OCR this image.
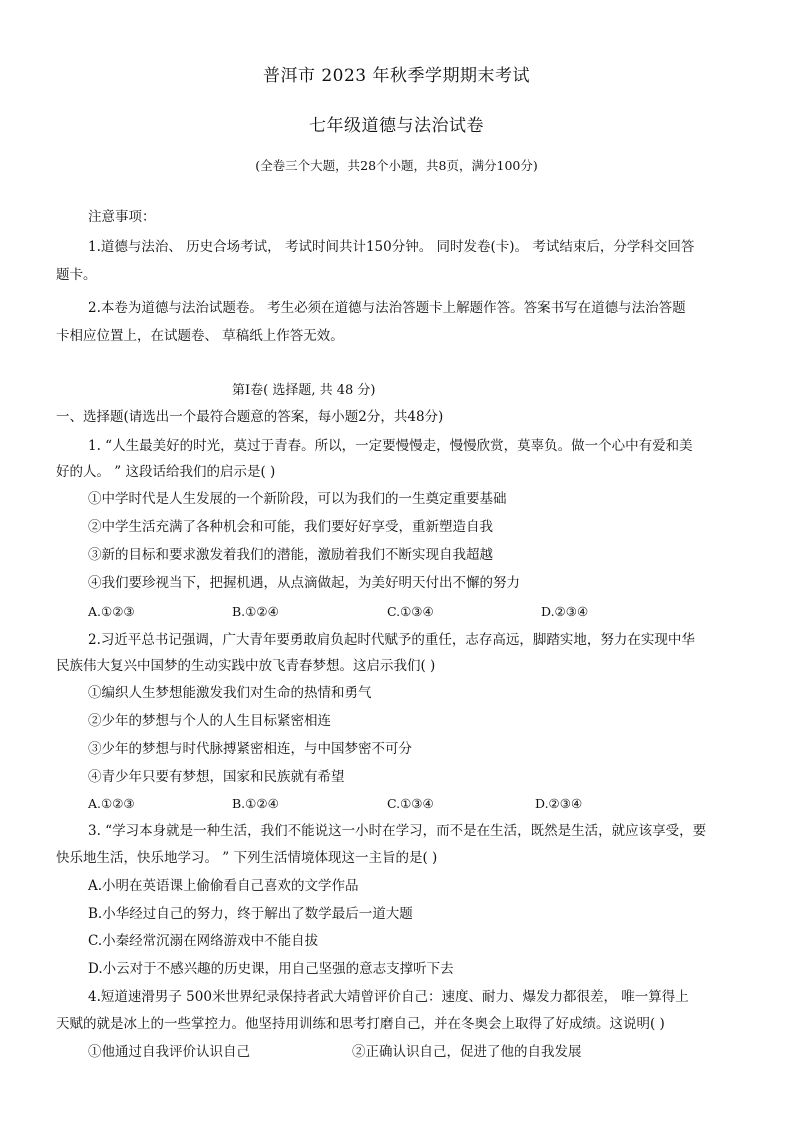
普洱市 2023 年秋季学期期末考试
七年级道德与法治试卷
(全卷三个大题，共28个小题，共8页，满分100分)
注意事项：
1.道德与法治、 历史合场考试， 考试时间共计150分钟。 同时发卷(卡)。 考试结束后，分学科交回答
题卡。
2.本卷为道德与法治试题卷。 考生必须在道德与法治答题卡上解题作答。答案书写在道德与法治答题
卡相应位置上，在试题卷、 草稿纸上作答无效。
第Ⅰ卷( 选择题, 共 48 分)
一、选择题(请选出一个最符合题意的答案，每小题2分，共48分)
1. “人生最美好的时光，莫过于青春。所以，一定要慢慢走，慢慢欣赏，莫辜负。做一个心中有爱和美
好的人。 ” 这段话给我们的启示是( )
①中学时代是人生发展的一个新阶段，可以为我们的一生奠定重要基础
②中学生活充满了各种机会和可能，我们要好好享受，重新塑造自我
③新的目标和要求激发着我们的潜能，激励着我们不断实现自我超越
④我们要珍视当下，把握机遇，从点滴做起，为美好明天付出不懈的努力
A.①②③	B.①②④	C.①③④	D.②③④
2.习近平总书记强调，广大青年要勇敢肩负起时代赋予的重任，志存高远，脚踏实地，努力在实现中华
民族伟大复兴中国梦的生动实践中放飞青春梦想。这启示我们( )
①编织人生梦想能激发我们对生命的热情和勇气
②少年的梦想与个人的人生目标紧密相连
③少年的梦想与时代脉搏紧密相连，与中国梦密不可分
④青少年只要有梦想，国家和民族就有希望
A.①②③	B.①②④	C.①③④	D.②③④
3. “学习本身就是一种生活，我们不能说这一小时在学习，而不是在生活，既然是生活，就应该享受，要
快乐地生活，快乐地学习。 ” 下列生活情境体现这一主旨的是( )
A.小明在英语课上偷偷看自己喜欢的文学作品
B.小华经过自己的努力，终于解出了数学最后一道大题
C.小秦经常沉溺在网络游戏中不能自拔
D.小云对于不感兴趣的历史课，用自己坚强的意志支撑听下去
4.短道速滑男子 500米世界纪录保持者武大靖曾评价自己：速度、耐力、爆发力都很差， 唯一算得上
天赋的就是冰上的一些掌控力。他坚持用训练和思考打磨自己，并在冬奥会上取得了好成绩。这说明( )
①他通过自我评价认识自己	②正确认识自己，促进了他的自我发展
